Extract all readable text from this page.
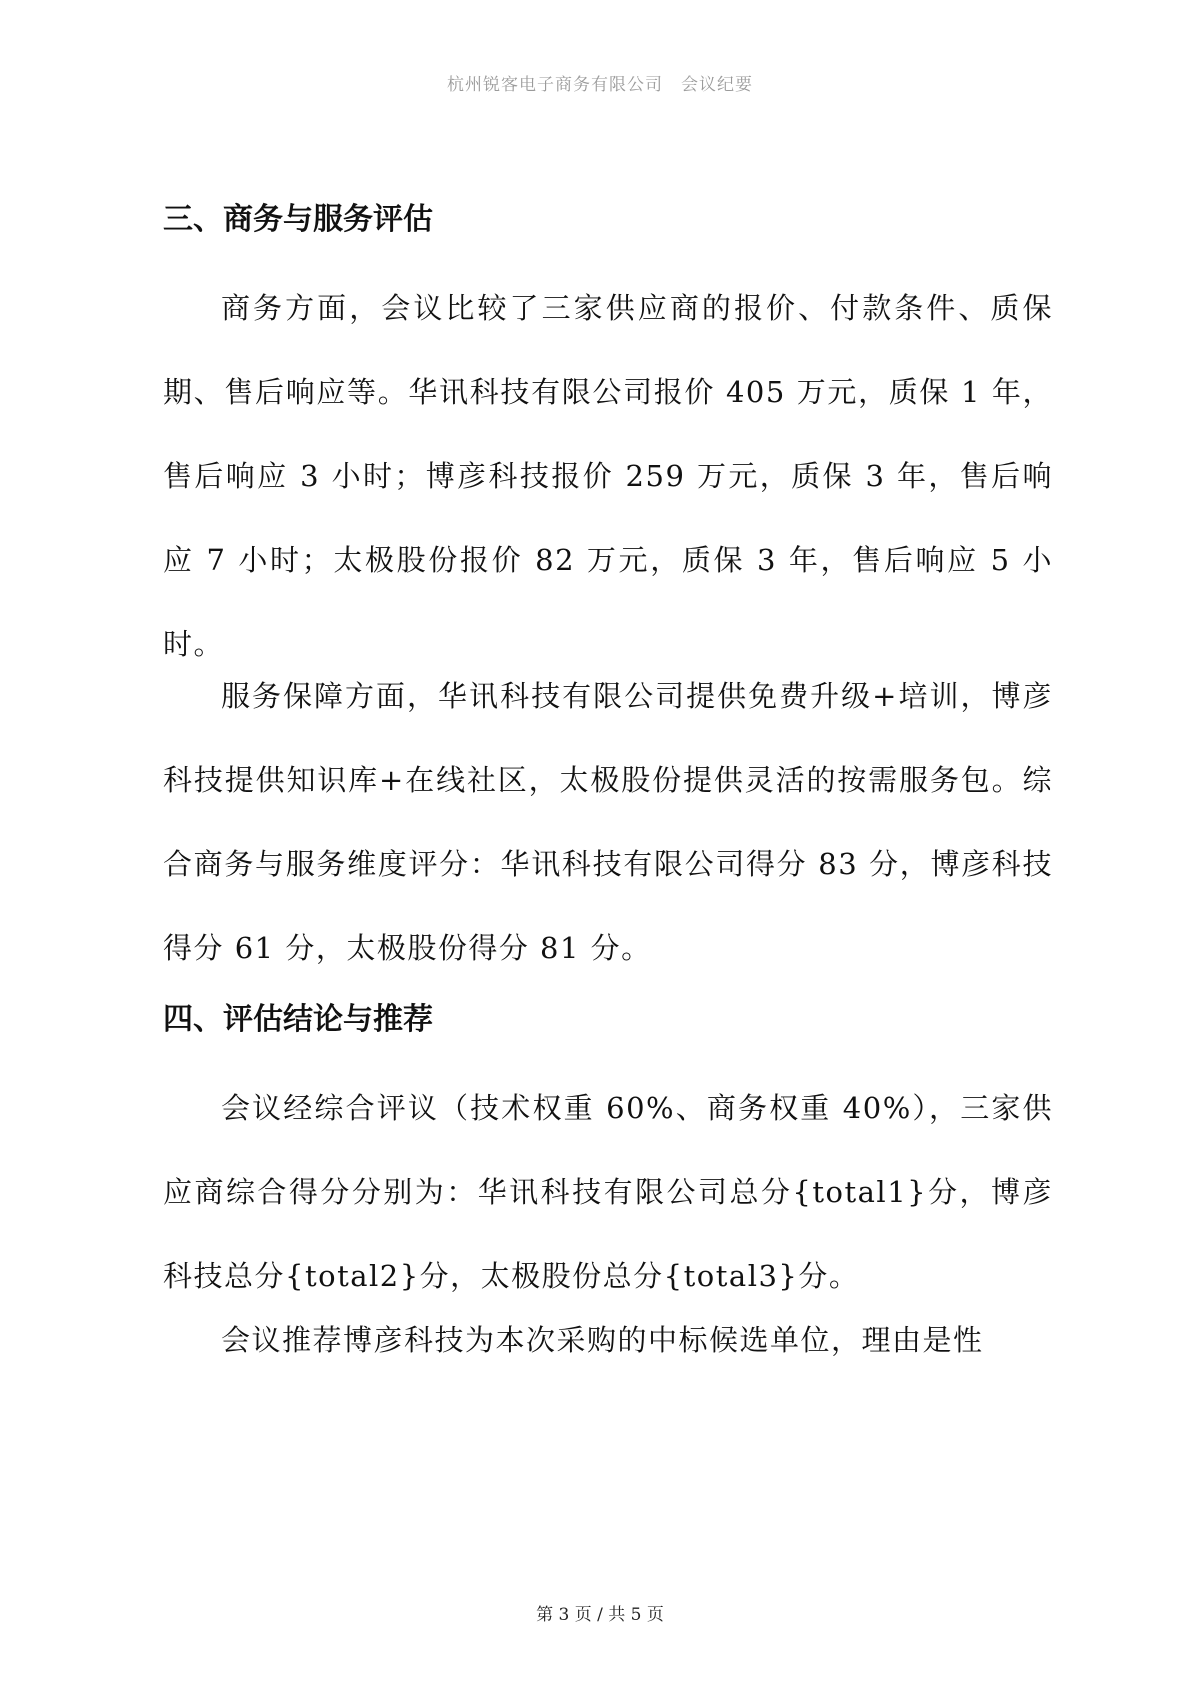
杭州锐客电子商务有限公司　会议纪要
三、商务与服务评估

商务方面，会议比较了三家供应商的报价、付款条件、质保期、售后响应等。华讯科技有限公司报价 405 万元，质保 1 年，售后响应 3 小时；博彦科技报价 259 万元，质保 3 年，售后响应 7 小时；太极股份报价 82 万元，质保 3 年，售后响应 5 小时。

服务保障方面，华讯科技有限公司提供免费升级+培训，博彦科技提供知识库+在线社区，太极股份提供灵活的按需服务包。综合商务与服务维度评分：华讯科技有限公司得分 83 分，博彦科技得分 61 分，太极股份得分 81 分。

四、评估结论与推荐

会议经综合评议（技术权重 60%、商务权重 40%），三家供应商综合得分分别为：华讯科技有限公司总分{total1}分，博彦科技总分{total2}分，太极股份总分{total3}分。

会议推荐博彦科技为本次采购的中标候选单位，理由是性

第 3 页 / 共 5 页
